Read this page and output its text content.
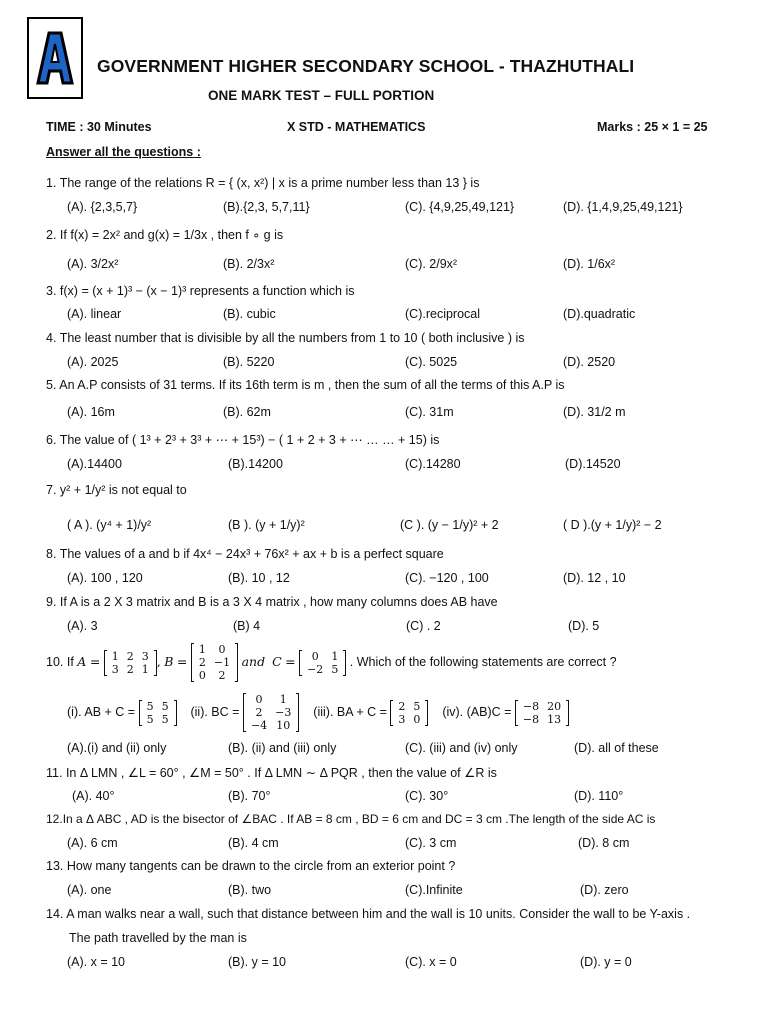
GOVERNMENT HIGHER SECONDARY SCHOOL - THAZHUTHALI
ONE MARK TEST – FULL PORTION
TIME : 30 Minutes	X STD - MATHEMATICS	Marks : 25 × 1 = 25
Answer all the questions :
1. The range of the relations R = { (x, x²) | x is a prime number less than 13 } is
(A). {2,3,5,7}	(B).{2,3, 5,7,11}	(C). {4,9,25,49,121}	(D). {1,4,9,25,49,121}
2. If f(x) = 2x² and g(x) = 1/3x , then f ∘ g is
(A). 3/2x²	(B). 2/3x²	(C). 2/9x²	(D). 1/6x²
3. f(x) = (x + 1)³ − (x − 1)³ represents a function which is
(A). linear	(B). cubic	(C).reciprocal	(D).quadratic
4. The least number that is divisible by all the numbers from 1 to 10 ( both inclusive ) is
(A). 2025	(B). 5220	(C). 5025	(D). 2520
5. An A.P consists of 31 terms. If its 16th term is m , then the sum of all the terms of this A.P is
(A). 16m	(B). 62m	(C). 31m	(D). 31/2 m
6. The value of ( 1³ + 2³ + 3³ + ⋯ + 15³) − ( 1 + 2 + 3 + ⋯ … … + 15) is
(A).14400	(B).14200	(C).14280	(D).14520
7. y² + 1/y² is not equal to
( A ). (y⁴ + 1)/y²	(B ). (y + 1/y)²	(C ). (y − 1/y)² + 2	( D ).(y + 1/y)² − 2
8. The values of a and b if 4x⁴ − 24x³ + 76x² + ax + b is a perfect square
(A). 100 , 120	(B). 10 , 12	(C). −120 , 100	(D). 12 , 10
9. If A is a 2 X 3 matrix and B is a 3 X 4 matrix , how many columns does AB have
(A). 3	(B) 4	(C) . 2	(D). 5
10. If A = 1	2	3
3	2	1
, B =
1	0
2	−1
0	2
and C = 0	1
−2	5
. Which of the following statements are correct ?
(i). AB + C = 5	5
5	5
(ii). BC =
0	1
2	−3
−4	10
(iii). BA + C = 2	5
3	0
(iv). (AB)C = −8	20
−8	13
(A).(i) and (ii) only	(B). (ii) and (iii) only	(C). (iii) and (iv) only	(D). all of these
11. In Δ LMN , ∠L = 60° , ∠M = 50° . If Δ LMN ∼ Δ PQR , then the value of ∠R is
(A). 40°	(B). 70°	(C). 30°	(D). 110°
12.In a Δ ABC , AD is the bisector of ∠BAC . If AB = 8 cm , BD = 6 cm and DC = 3 cm .The length of the side AC is
(A). 6 cm	(B). 4 cm	(C). 3 cm	(D). 8 cm
13. How many tangents can be drawn to the circle from an exterior point ?
(A). one	(B). two	(C).Infinite	(D). zero
14. A man walks near a wall, such that distance between him and the wall is 10 units. Consider the wall to be Y-axis .
The path travelled by the man is
(A). x = 10	(B). y = 10	(C). x = 0	(D). y = 0
